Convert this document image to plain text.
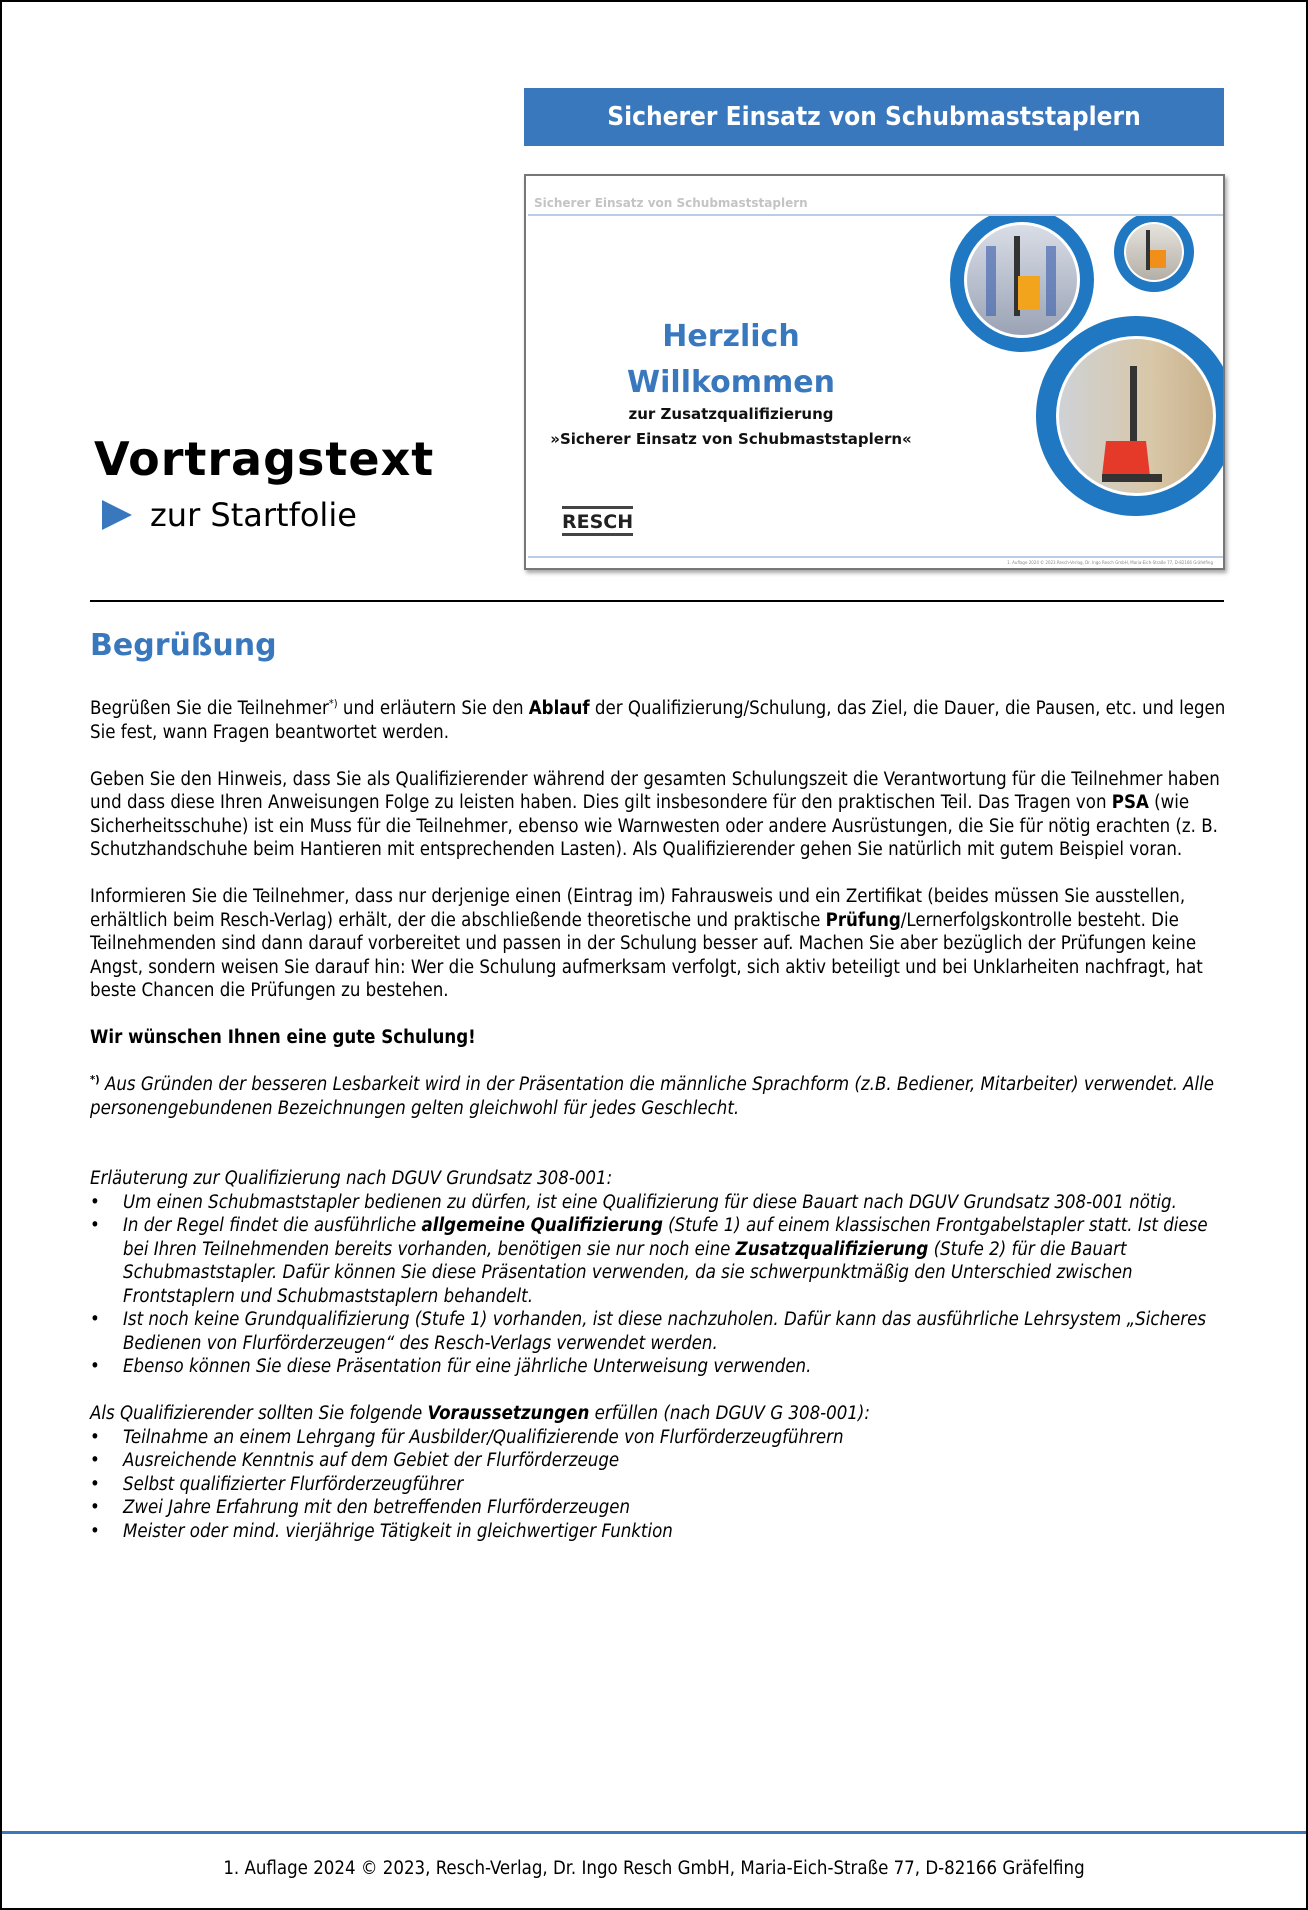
Sicherer Einsatz von Schubmaststaplern
Sicherer Einsatz von Schubmaststaplern
Herzlich
Willkommen
zur Zusatzqualifizierung
»Sicherer Einsatz von Schubmaststaplern«
RESCH
1. Auflage 2024 © 2023 Resch-Verlag, Dr. Ingo Resch GmbH, Maria-Eich-Straße 77, D-82166 Gräfelfing
Vortragstext
zur Startfolie
Begrüßung

Begrüßen Sie die Teilnehmer*) und erläutern Sie den Ablauf der Qualifizierung/Schulung, das Ziel, die Dauer, die Pausen, etc. und legen Sie fest, wann Fragen beantwortet werden.

Geben Sie den Hinweis, dass Sie als Qualifizierender während der gesamten Schulungszeit die Verantwortung für die Teilnehmer haben und dass diese Ihren Anweisungen Folge zu leisten haben. Dies gilt insbesondere für den praktischen Teil. Das Tragen von PSA (wie Sicherheitsschuhe) ist ein Muss für die Teilnehmer, ebenso wie Warnwesten oder andere Ausrüstungen, die Sie für nötig erachten (z. B. Schutzhandschuhe beim Hantieren mit entsprechenden Lasten). Als Qualifizierender gehen Sie natürlich mit gutem Beispiel voran.

Informieren Sie die Teilnehmer, dass nur derjenige einen (Eintrag im) Fahrausweis und ein Zertifikat (beides müssen Sie ausstellen, erhältlich beim Resch-Verlag) erhält, der die abschließende theoretische und praktische Prüfung/Lernerfolgskontrolle besteht. Die Teilnehmenden sind dann darauf vorbereitet und passen in der Schulung besser auf. Machen Sie aber bezüglich der Prüfungen keine Angst, sondern weisen Sie darauf hin: Wer die Schulung aufmerksam verfolgt, sich aktiv beteiligt und bei Unklarheiten nachfragt, hat beste Chancen die Prüfungen zu bestehen.

Wir wünschen Ihnen eine gute Schulung!

*) Aus Gründen der besseren Lesbarkeit wird in der Präsentation die männliche Sprachform (z.B. Bediener, Mitarbeiter) verwendet. Alle personengebundenen Bezeichnungen gelten gleichwohl für jedes Geschlecht.

Erläuterung zur Qualifizierung nach DGUV Grundsatz 308-001:
• Um einen Schubmaststapler bedienen zu dürfen, ist eine Qualifizierung für diese Bauart nach DGUV Grundsatz 308-001 nötig.
• In der Regel findet die ausführliche allgemeine Qualifizierung (Stufe 1) auf einem klassischen Frontgabelstapler statt. Ist diese bei Ihren Teilnehmenden bereits vorhanden, benötigen sie nur noch eine Zusatzqualifizierung (Stufe 2) für die Bauart Schubmaststapler. Dafür können Sie diese Präsentation verwenden, da sie schwerpunktmäßig den Unterschied zwischen Frontstaplern und Schubmaststaplern behandelt.
• Ist noch keine Grundqualifizierung (Stufe 1) vorhanden, ist diese nachzuholen. Dafür kann das ausführliche Lehrsystem „Sicheres Bedienen von Flurförderzeugen“ des Resch-Verlags verwendet werden.
• Ebenso können Sie diese Präsentation für eine jährliche Unterweisung verwenden.
Als Qualifizierender sollten Sie folgende Voraussetzungen erfüllen (nach DGUV G 308-001):
• Teilnahme an einem Lehrgang für Ausbilder/Qualifizierende von Flurförderzeugführern
• Ausreichende Kenntnis auf dem Gebiet der Flurförderzeuge
• Selbst qualifizierter Flurförderzeugführer
• Zwei Jahre Erfahrung mit den betreffenden Flurförderzeugen
• Meister oder mind. vierjährige Tätigkeit in gleichwertiger Funktion
1. Auflage 2024 © 2023, Resch-Verlag, Dr. Ingo Resch GmbH, Maria-Eich-Straße 77, D-82166 Gräfelfing
